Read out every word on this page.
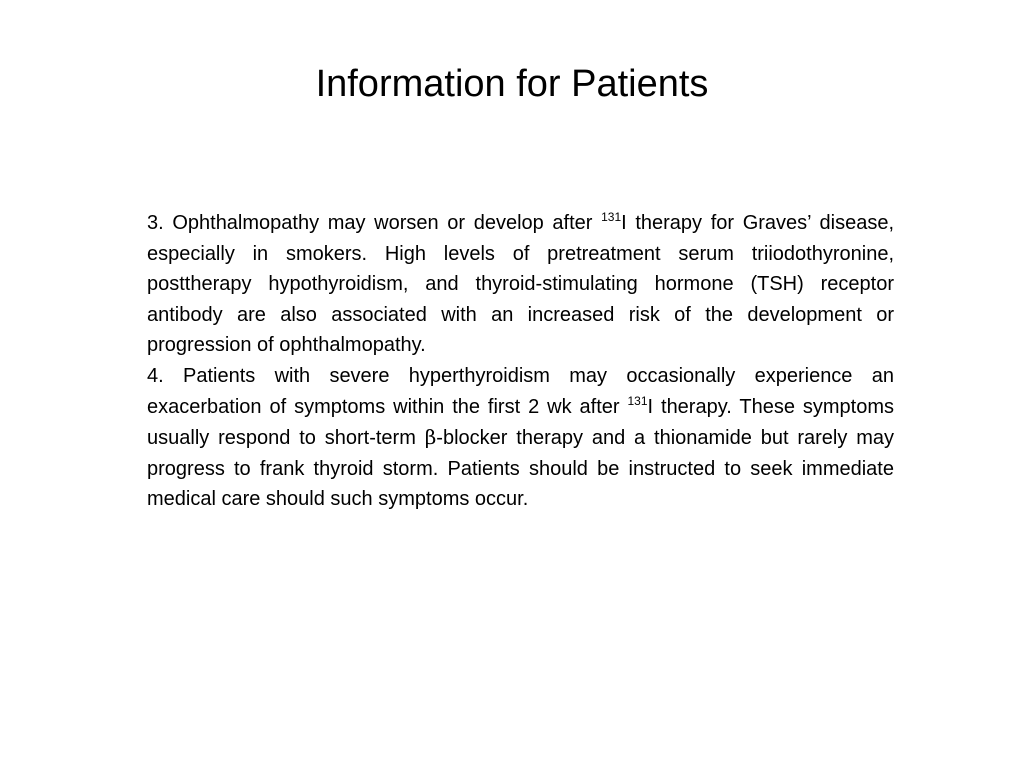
Information for Patients

3. Ophthalmopathy may worsen or develop after $^{131}$I therapy for Graves’ disease, especially in smokers. High levels of pretreatment serum triiodothyronine, posttherapy hypothyroidism, and thyroid-stimulating hormone (TSH) receptor antibody are also associated with an increased risk of the development or progression of ophthalmopathy.

4. Patients with severe hyperthyroidism may occasionally experience an exacerbation of symptoms within the first 2 wk after $^{131}$I therapy. These symptoms usually respond to short-term β-blocker therapy and a thionamide but rarely may progress to frank thyroid storm. Patients should be instructed to seek immediate medical care should such symptoms occur.
